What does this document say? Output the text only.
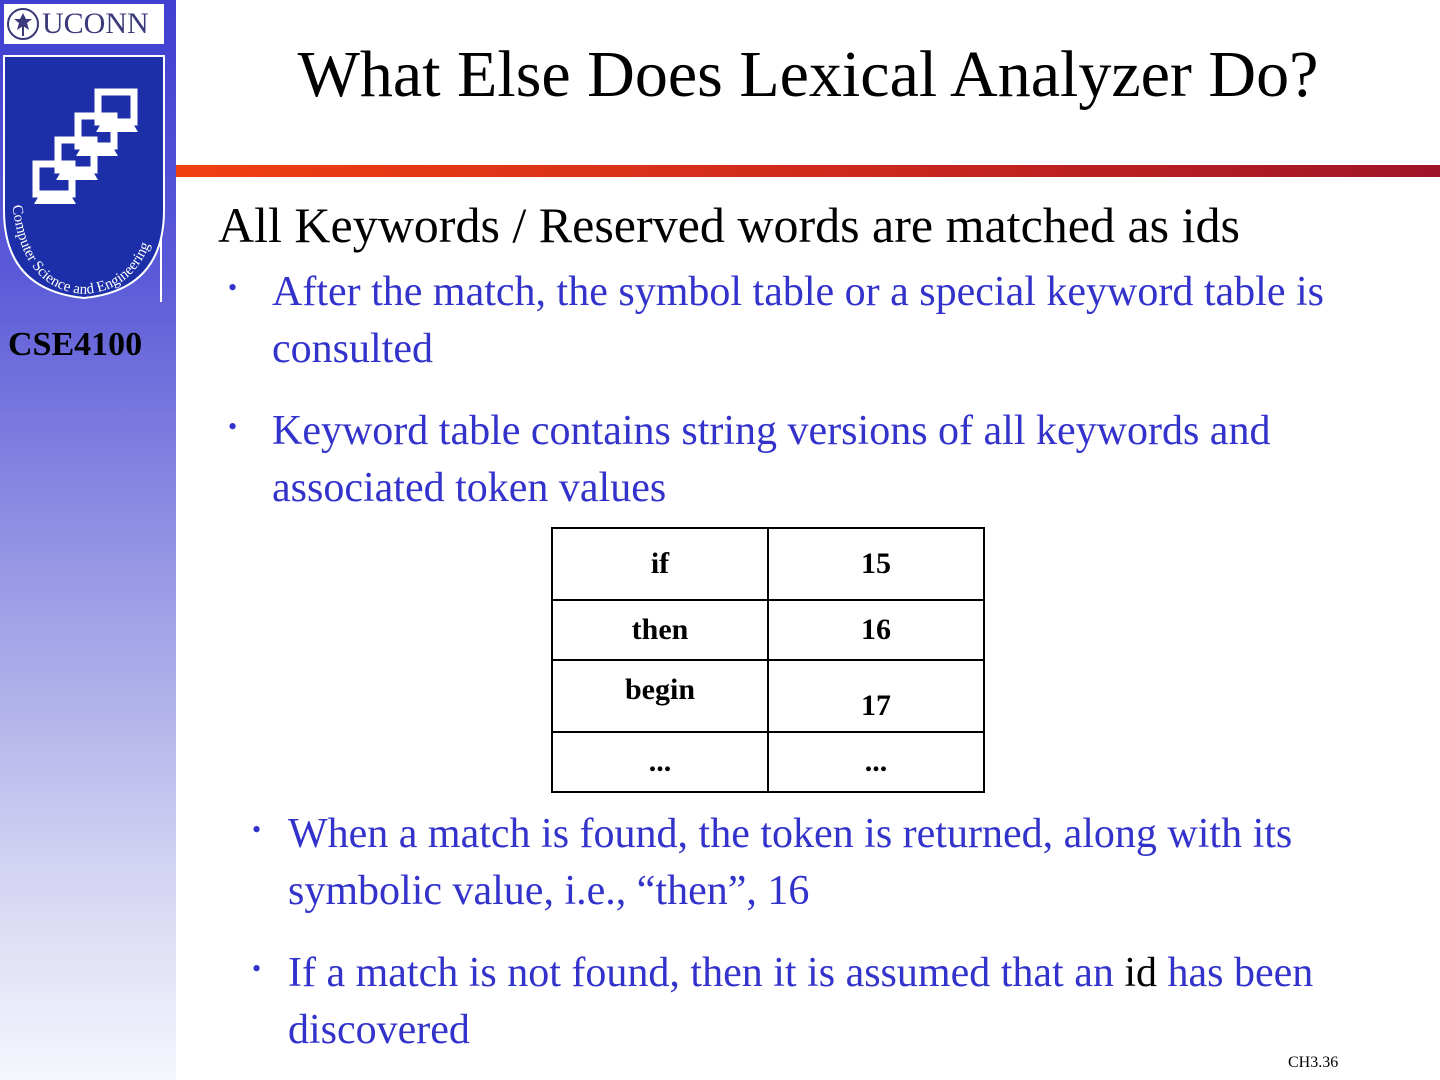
UCONN
Computer Science and Engineering
CSE4100
What Else Does Lexical Analyzer Do?
All Keywords / Reserved words are matched as ids
• After the match, the symbol table or a special keyword table is consulted
• Keyword table contains string versions of all keywords and associated token values
if	15
then	16
begin	17
...	...
• When a match is found, the token is returned, along with its symbolic value, i.e., “then”, 16
• If a match is not found, then it is assumed that an id has been discovered
CH3.36
